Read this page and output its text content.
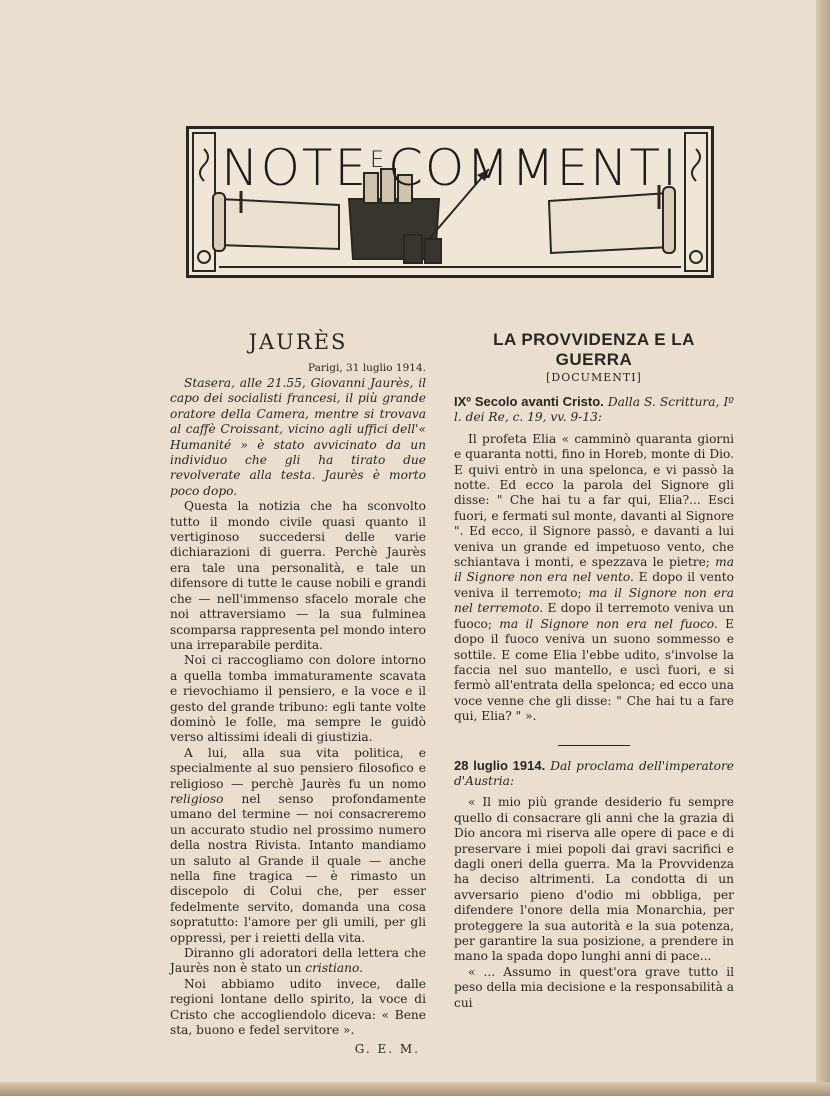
$NOTE^ECOMMENTI$
JAURÈS
Parigi, 31 luglio 1914.

Stasera, alle 21.55, Giovanni Jaurès, il capo dei socialisti francesi, il più grande oratore della Camera, mentre si trovava al caffè Croissant, vicino agli uffici dell'« Humanité » è stato avvicinato da un individuo che gli ha tirato due revolverate alla testa. Jaurès è morto poco dopo.

Questa la notizia che ha sconvolto tutto il mondo civile quasi quanto il vertiginoso succedersi delle varie dichiarazioni di guerra. Perchè Jaurès era tale una personalità, e tale un difensore di tutte le cause nobili e grandi che — nell'immenso sfacelo morale che noi attraversiamo — la sua fulminea scomparsa rappresenta pel mondo intero una irreparabile perdita.

Noi ci raccogliamo con dolore intorno a quella tomba immaturamente scavata e rievochiamo il pensiero, e la voce e il gesto del grande tribuno: egli tante volte dominò le folle, ma sempre le guidò verso altissimi ideali di giustizia.

A lui, alla sua vita politica, e specialmente al suo pensiero filosofico e religioso — perchè Jaurès fu un nomo religioso nel senso profondamente umano del termine — noi consacreremo un accurato studio nel prossimo numero della nostra Rivista. Intanto mandiamo un saluto al Grande il quale — anche nella fine tragica — è rimasto un discepolo di Colui che, per esser fedelmente servito, domanda una cosa sopratutto: l'amore per gli umili, per gli oppressi, per i reietti della vita.

Diranno gli adoratori della lettera che Jaurès non è stato un cristiano.

Noi abbiamo udito invece, dalle regioni lontane dello spirito, la voce di Cristo che accogliendolo diceva: « Bene sta, buono e fedel servitore ».

G. E. M.
LA PROVVIDENZA E LA GUERRA
[DOCUMENTI]
IXº Secolo avanti Cristo. Dalla S. Scrittura, Iº l. dei Re, c. 19, vv. 9-13:

Il profeta Elia « camminò quaranta giorni e quaranta notti, fino in Horeb, monte di Dio. E quivi entrò in una spelonca, e vi passò la notte. Ed ecco la parola del Signore gli disse: " Che hai tu a far qui, Elia?... Esci fuori, e fermati sul monte, davanti al Signore ". Ed ecco, il Signore passò, e davanti a lui veniva un grande ed impetuoso vento, che schiantava i monti, e spezzava le pietre; ma il Signore non era nel vento. E dopo il vento veniva il terremoto; ma il Signore non era nel terremoto. E dopo il terremoto veniva un fuoco; ma il Signore non era nel fuoco. E dopo il fuoco veniva un suono sommesso e sottile. E come Elia l'ebbe udito, s'involse la faccia nel suo mantello, e uscì fuori, e si fermò all'entrata della spelonca; ed ecco una voce venne che gli disse: " Che hai tu a fare qui, Elia? " ».

28 luglio 1914. Dal proclama dell'imperatore d'Austria:

« Il mio più grande desiderio fu sempre quello di consacrare gli anni che la grazia di Dio ancora mi riserva alle opere di pace e di preservare i miei popoli dai gravi sacrifici e dagli oneri della guerra. Ma la Provvidenza ha deciso altrimenti. La condotta di un avversario pieno d'odio mi obbliga, per difendere l'onore della mia Monarchia, per proteggere la sua autorità e la sua potenza, per garantire la sua posizione, a prendere in mano la spada dopo lunghi anni di pace...

« ... Assumo in quest'ora grave tutto il peso della mia decisione e la responsabilità a cui
